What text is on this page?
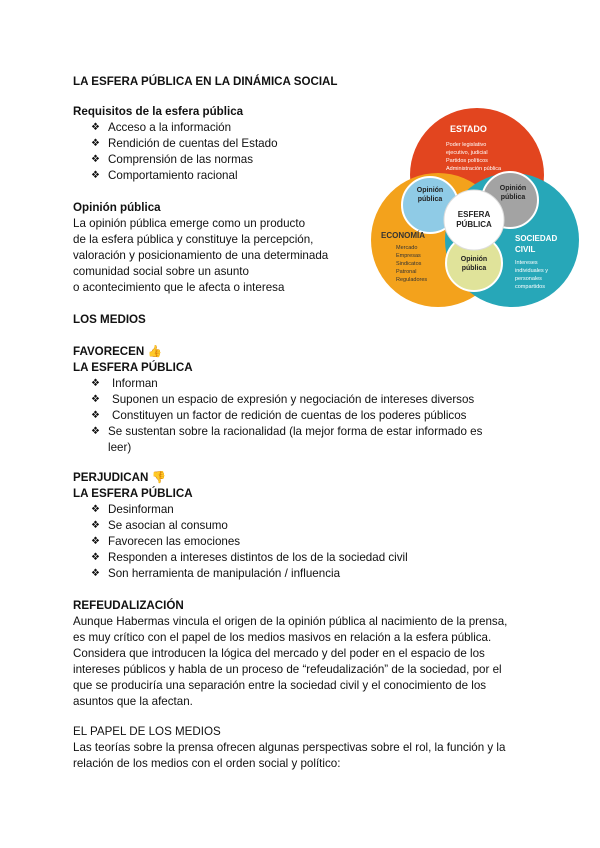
LA ESFERA PÚBLICA EN LA DINÁMICA SOCIAL
Requisitos de la esfera pública
❖ Acceso a la información
❖ Rendición de cuentas del Estado
❖ Comprensión de las normas
❖ Comportamiento racional
Opinión pública
La opinión pública emerge como un producto
de la esfera pública y constituye la percepción,
valoración y posicionamiento de una determinada
comunidad social sobre un asunto
o acontecimiento que le afecta o interesa
ESTADO
Poder legislativo
ejecutivo, judicial
Partidos políticos
Administración pública
ECONOMÍA
Mercado
Empresas
Sindicatos
Patronal
Reguladores
SOCIEDAD
CIVIL
Intereses
individuales y
personales
compartidos
Opinión
pública
Opinión
pública
Opinión
pública
ESFERA
PÚBLICA
LOS MEDIOS
FAVORECEN 👍
LA ESFERA PÚBLICA
❖ Informan
❖ Suponen un espacio de expresión y negociación de intereses diversos
❖ Constituyen un factor de redición de cuentas de los poderes públicos
❖ Se sustentan sobre la racionalidad (la mejor forma de estar informado es
leer)
PERJUDICAN 👎
LA ESFERA PÚBLICA
❖ Desinforman
❖ Se asocian al consumo
❖ Favorecen las emociones
❖ Responden a intereses distintos de los de la sociedad civil
❖ Son herramienta de manipulación / influencia
REFEUDALIZACIÓN
Aunque Habermas vincula el origen de la opinión pública al nacimiento de la prensa,
es muy crítico con el papel de los medios masivos en relación a la esfera pública.
Considera que introducen la lógica del mercado y del poder en el espacio de los
intereses públicos y habla de un proceso de “refeudalización” de la sociedad, por el
que se produciría una separación entre la sociedad civil y el conocimiento de los
asuntos que la afectan.
EL PAPEL DE LOS MEDIOS
Las teorías sobre la prensa ofrecen algunas perspectivas sobre el rol, la función y la
relación de los medios con el orden social y político:
